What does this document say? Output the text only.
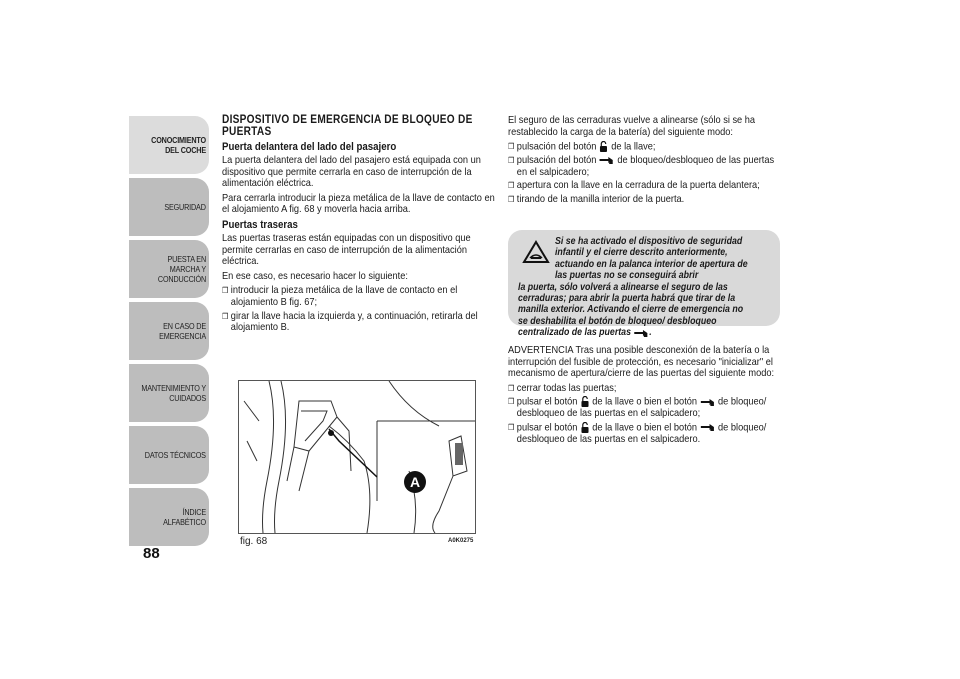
CONOCIMIENTO DEL COCHE
SEGURIDAD
PUESTA EN MARCHA Y CONDUCCIÓN
EN CASO DE EMERGENCIA
MANTENIMIENTO Y CUIDADOS
DATOS TÉCNICOS
ÍNDICE ALFABÉTICO
88
DISPOSITIVO DE EMERGENCIA DE BLOQUEO DE PUERTAS
Puerta delantera del lado del pasajero

La puerta delantera del lado del pasajero está equipada con un dispositivo que permite cerrarla en caso de interrupción de la alimentación eléctrica.

Para cerrarla introducir la pieza metálica de la llave de contacto en el alojamiento A fig. 68 y moverla hacia arriba.

Puertas traseras

Las puertas traseras están equipadas con un dispositivo que permite cerrarlas en caso de interrupción de la alimentación eléctrica.

En ese caso, es necesario hacer lo siguiente:

❒ introducir la pieza metálica de la llave de contacto en el alojamiento B fig. 67;
❒ girar la llave hacia la izquierda y, a continuación, retirarla del alojamiento B.

El seguro de las cerraduras vuelve a alinearse (sólo si se ha restablecido la carga de la batería) del siguiente modo:

❒ pulsación del botón de la llave;
❒ pulsación del botón de bloqueo/desbloqueo de las puertas en el salpicadero;
❒ apertura con la llave en la cerradura de la puerta delantera;
❒ tirando de la manilla interior de la puerta.
Si se ha activado el dispositivo de seguridad infantil y el cierre descrito anteriormente, actuando en la palanca interior de apertura de las puertas no se conseguirá abrir
la puerta, sólo volverá a alinearse el seguro de las cerraduras; para abrir la puerta habrá que tirar de la manilla exterior. Activando el cierre de emergencia no se deshabilita el botón de bloqueo/ desbloqueo centralizado de las puertas .

ADVERTENCIA Tras una posible desconexión de la batería o la interrupción del fusible de protección, es necesario "inicializar" el mecanismo de apertura/cierre de las puertas del siguiente modo:

❒ cerrar todas las puertas;
❒ pulsar el botón de la llave o bien el botón de bloqueo/ desbloqueo de las puertas en el salpicadero;
❒ pulsar el botón de la llave o bien el botón de bloqueo/ desbloqueo de las puertas en el salpicadero.
A
fig. 68	A0K0275
